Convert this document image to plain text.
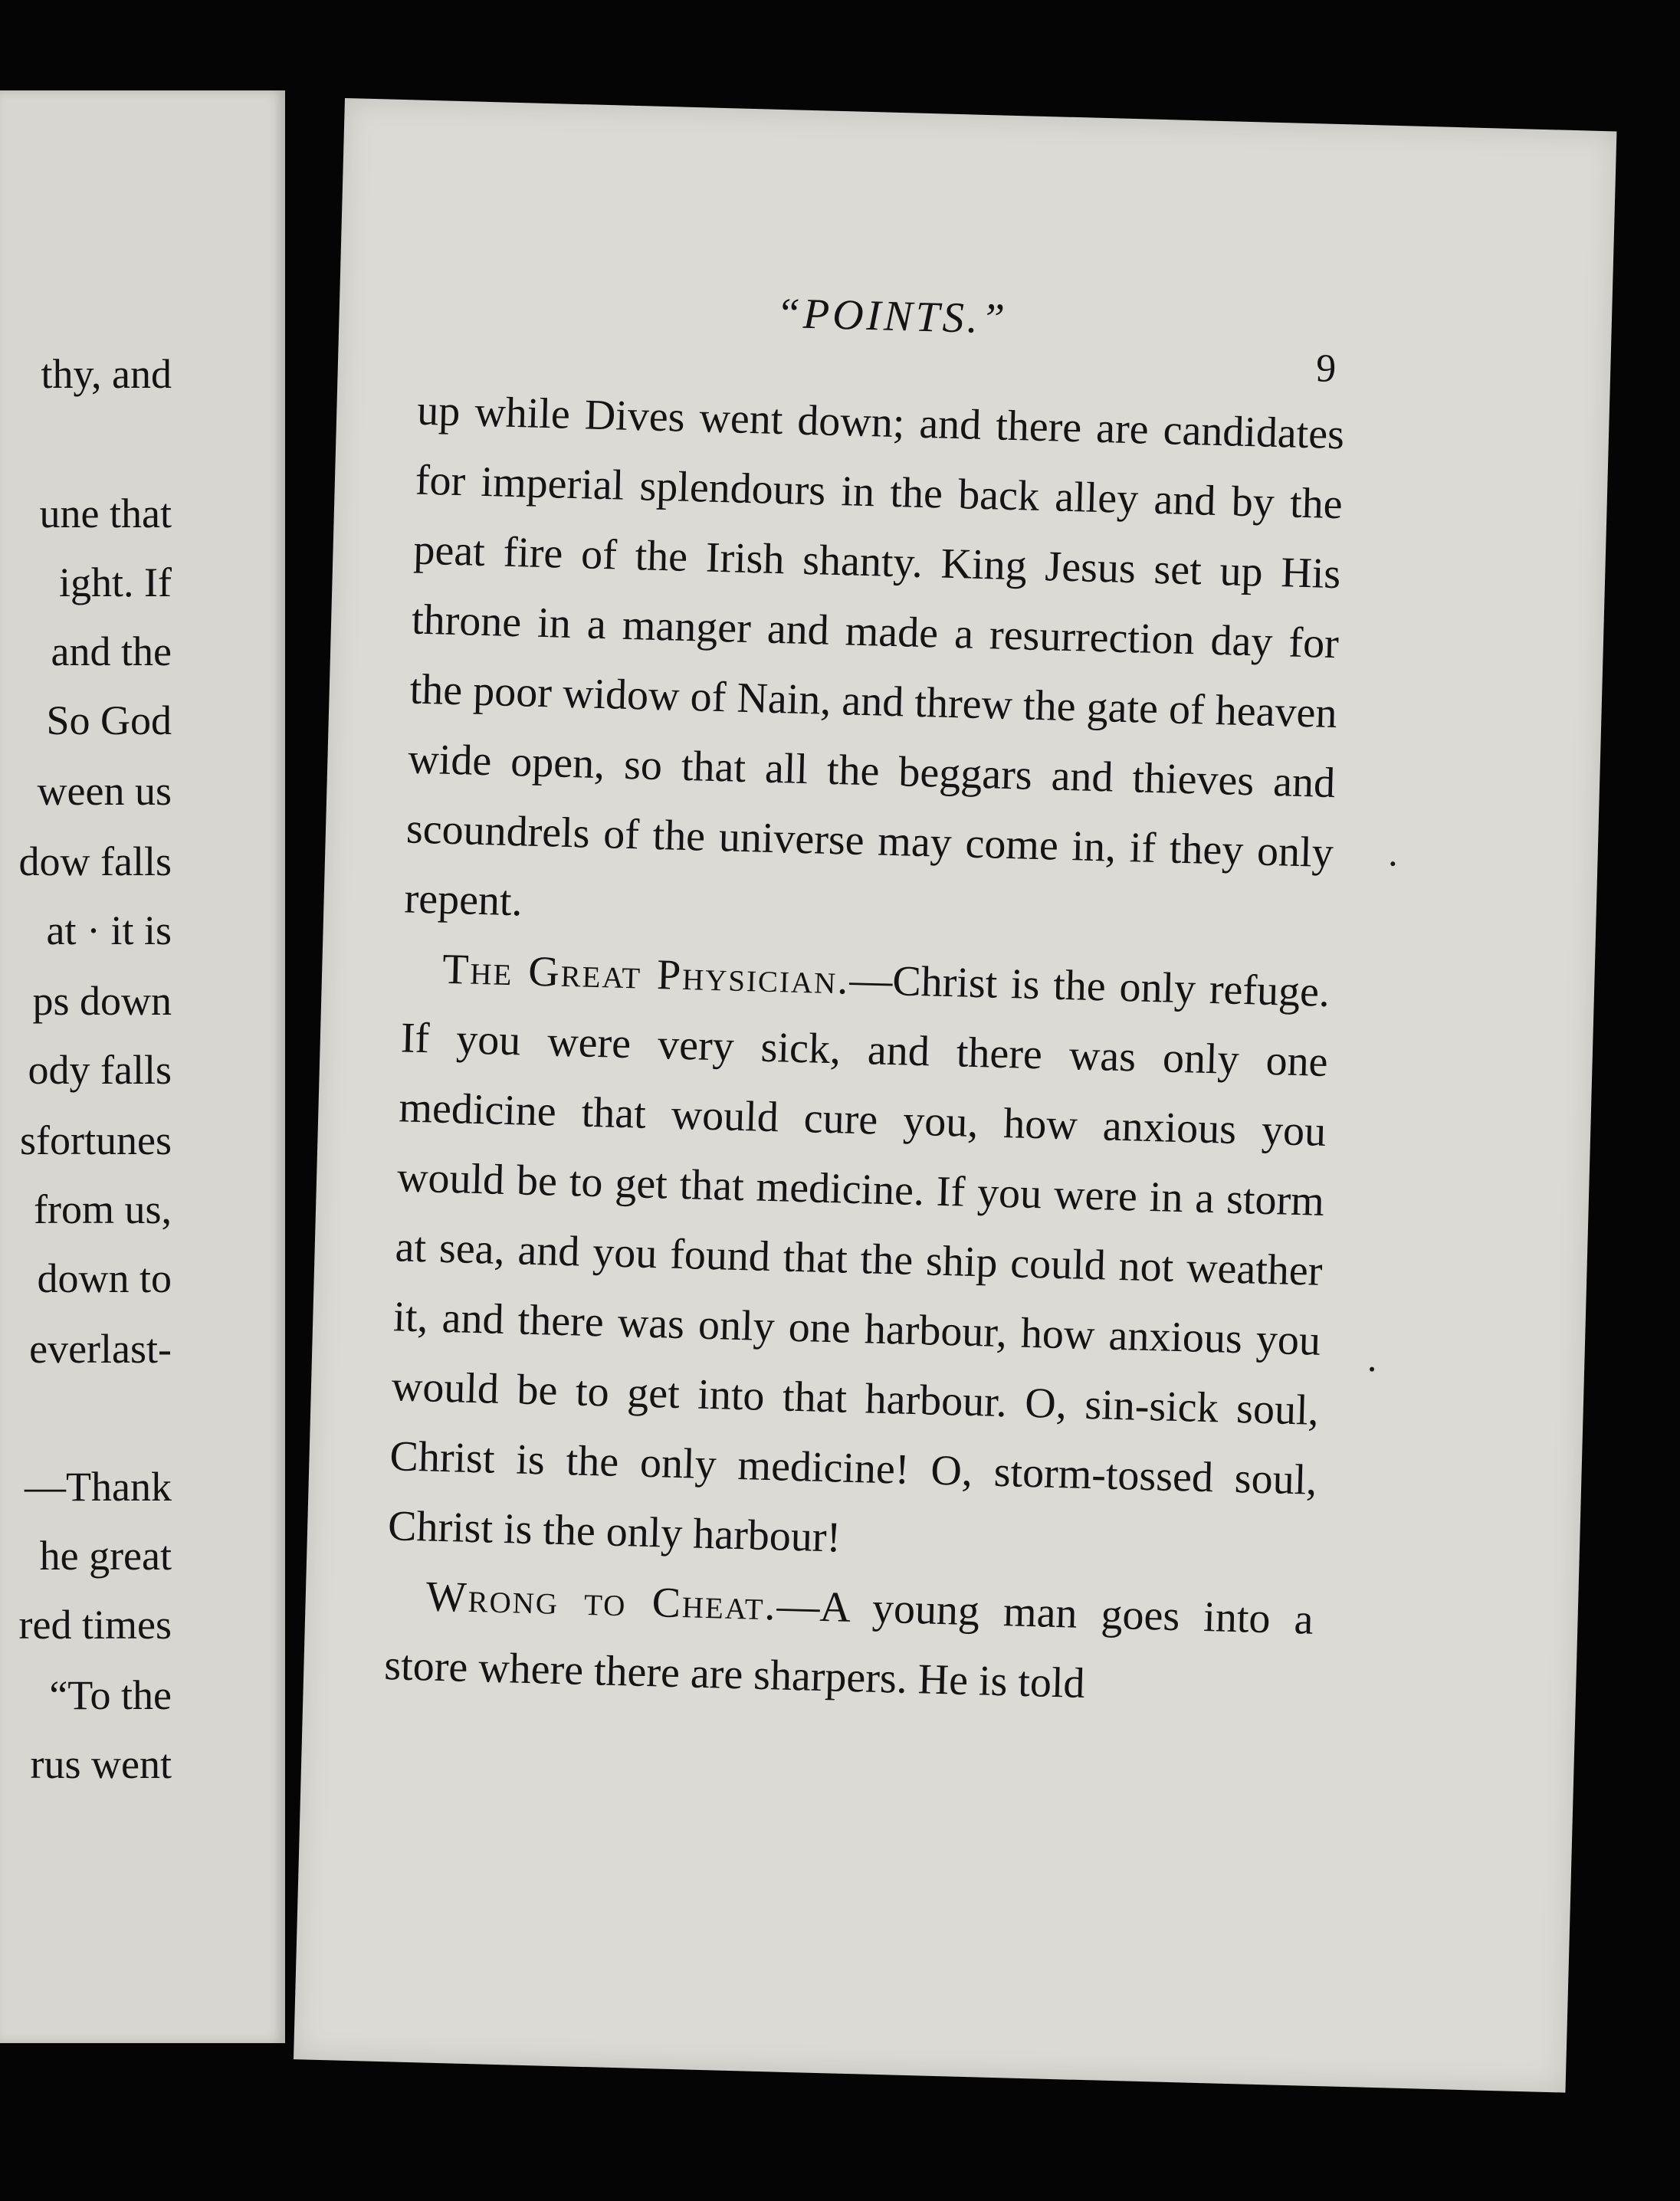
thy, and
une that
ight. If
and the
So God
ween us
dow falls
at · it is
ps down
ody falls
sfortunes
from us,
down to
everlast-
—Thank
he great
red times
“To the
rus went
“POINTS.”
9

up while Dives went down; and there are candidates for imperial splendours in the back alley and by the peat fire of the Irish shanty. King Jesus set up His throne in a manger and made a resurrection day for the poor widow of Nain, and threw the gate of heaven wide open, so that all the beggars and thieves and scoundrels of the universe may come in, if they only repent.

The Great Physician.—Christ is the only refuge. If you were very sick, and there was only one medicine that would cure you, how anxious you would be to get that medicine. If you were in a storm at sea, and you found that the ship could not weather it, and there was only one harbour, how anxious you would be to get into that harbour. O, sin-sick soul, Christ is the only medicine! O, storm-tossed soul, Christ is the only harbour!

Wrong to Cheat.—A young man goes into a store where there are sharpers. He is told
